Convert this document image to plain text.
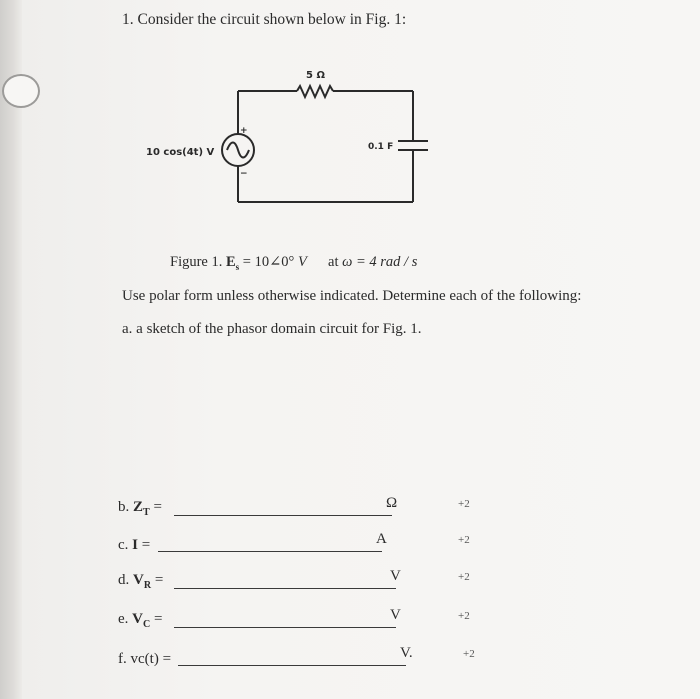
1. Consider the circuit shown below in Fig. 1:
5 Ω
10 cos(4t) V	0.1 F
+
−
Figure 1. $E_s$ = 10∠0° V at ω = 4 rad / s
Use polar form unless otherwise indicated. Determine each of the following:
a. a sketch of the phasor domain circuit for Fig. 1.
b. $Z_T$ =	Ω	+2
c. I =	A	+2
d. $V_R$ =	V	+2
e. $V_C$ =	V	+2
f. vc(t) =	V.	+2
